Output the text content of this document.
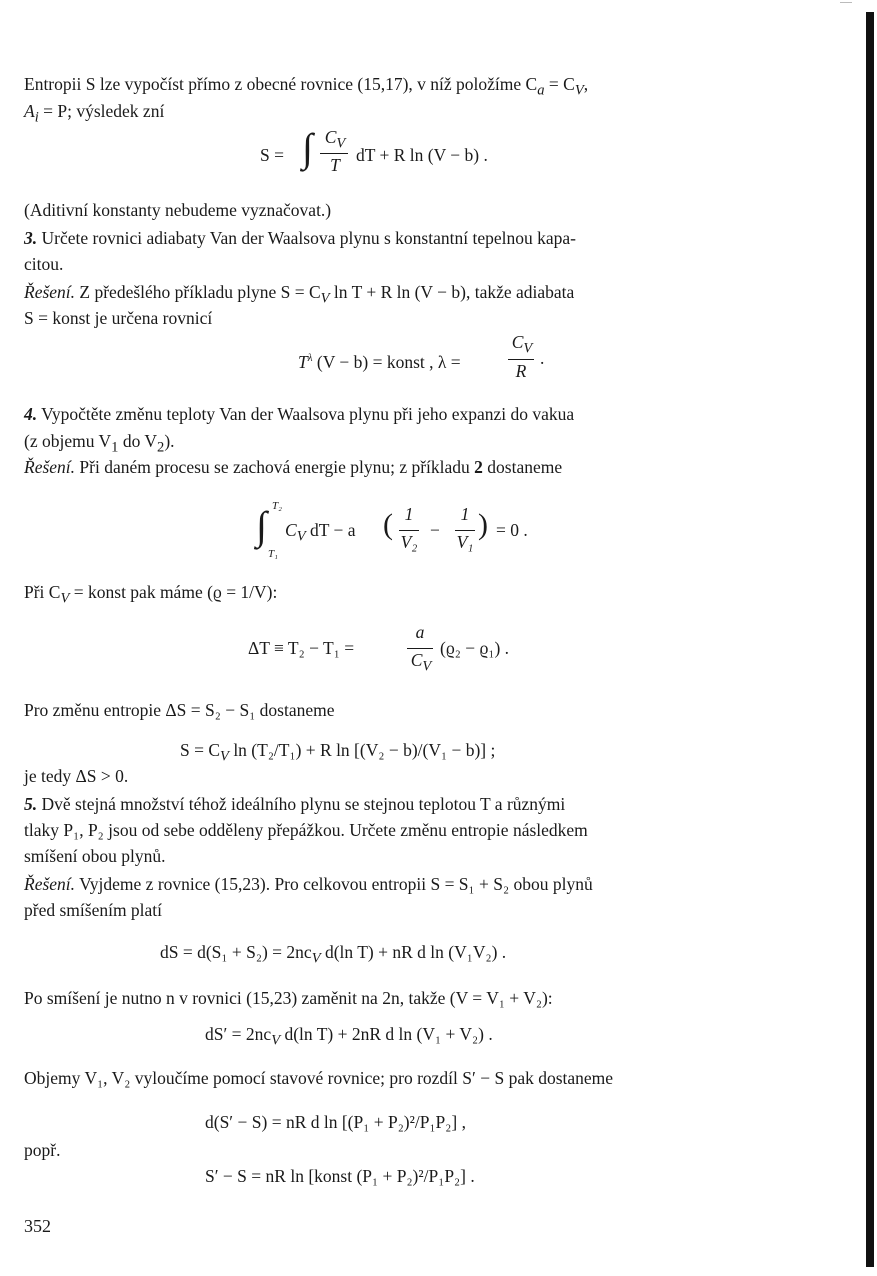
Entropii S lze vypočíst přímo z obecné rovnice (15,17), v níž položíme $C_a = C_V$,
$A_i = P$; výsledek zní
S = ∫ $C_V$
T dT + R ln (V − b) .
(Aditivní konstanty nebudeme vyznačovat.)
3. Určete rovnici adiabaty Van der Waalsova plynu s konstantní tepelnou kapa-
citou.
Řešení. Z předešlého příkladu plyne $S = C_V$ ln T + R ln (V − b), takže adiabata
S = konst je určena rovnicí
$T^\lambda$ (V − b) = konst , λ =
$C_V$
R
.
4. Vypočtěte změnu teploty Van der Waalsova plynu při jeho expanzi do vakua
(z objemu $V_1$ do $V_2$).
Řešení. Při daném procesu se zachová energie plynu; z příkladu 2 dostaneme
∫ T₂
T₁
$C_V$ dT − a ( 1
V₂
−
1
V₁
) = 0 .
Při $C_V$ = konst pak máme (ϱ = 1/V):
ΔT ≡ T₂ − T₁ =
a
$C_V$
(ϱ₂ − ϱ₁) .
Pro změnu entropie ΔS = S₂ − S₁ dostaneme
$S = C_V$ ln (T₂/T₁) + R ln [(V₂ − b)/(V₁ − b)] ;
je tedy ΔS > 0.
5. Dvě stejná množství téhož ideálního plynu se stejnou teplotou T a různými
tlaky P₁, P₂ jsou od sebe odděleny přepážkou. Určete změnu entropie následkem
smíšení obou plynů.
Řešení. Vyjdeme z rovnice (15,23). Pro celkovou entropii S = S₁ + S₂ obou plynů
před smíšením platí
dS = $d(S_1 + S_2) = 2nc_V$ d(ln T) + nR d ln (V₁V₂) .
Po smíšení je nutno n v rovnici (15,23) zaměnit na 2n, takže (V = V₁ + V₂):
$dS' = 2nc_V$ d(ln T) + 2nR d ln (V₁ + V₂) .
Objemy V₁, V₂ vyloučíme pomocí stavové rovnice; pro rozdíl S′ − S pak dostaneme
d(S′ − S) = nR d ln [(P₁ + P₂)²/P₁P₂] ,
popř.
S′ − S = nR ln [konst (P₁ + P₂)²/P₁P₂] .
352
